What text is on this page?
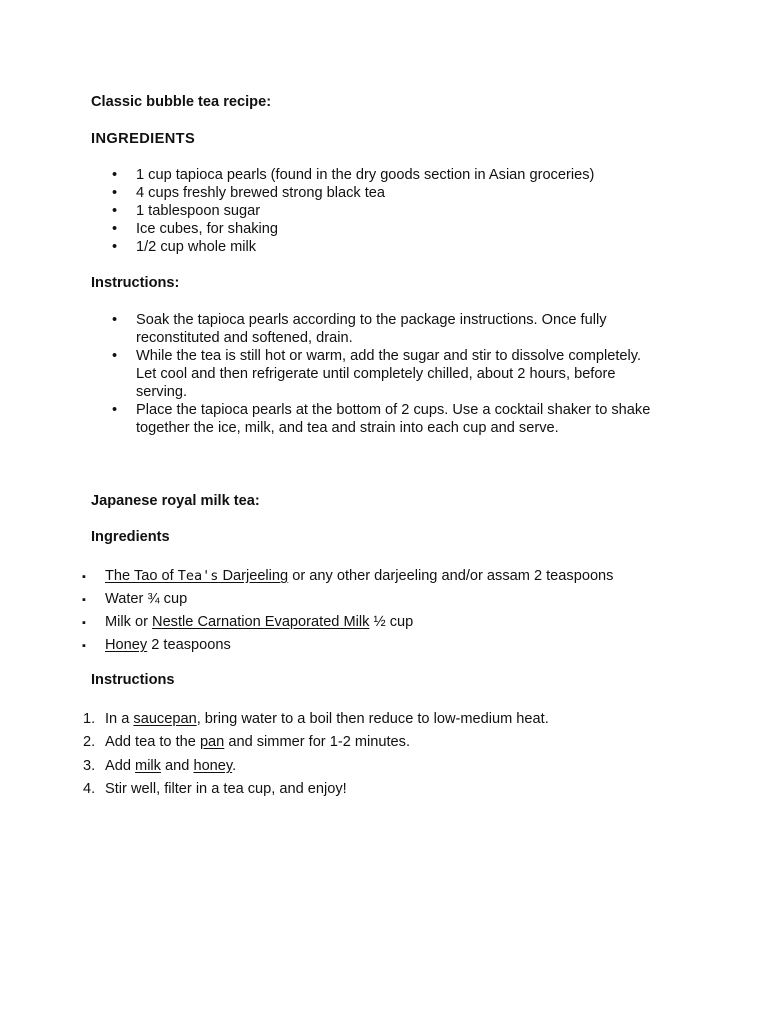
Classic bubble tea recipe:
INGREDIENTS
• 1 cup tapioca pearls (found in the dry goods section in Asian groceries)
• 4 cups freshly brewed strong black tea
• 1 tablespoon sugar
• Ice cubes, for shaking
• 1/2 cup whole milk
Instructions:
• Soak the tapioca pearls according to the package instructions. Once fully
reconstituted and softened, drain.
• While the tea is still hot or warm, add the sugar and stir to dissolve completely.
Let cool and then refrigerate until completely chilled, about 2 hours, before
serving.
• Place the tapioca pearls at the bottom of 2 cups. Use a cocktail shaker to shake
together the ice, milk, and tea and strain into each cup and serve.
Japanese royal milk tea:
Ingredients
▪ The Tao of Tea's Darjeeling or any other darjeeling and/or assam 2 teaspoons
▪ Water ¾ cup
▪ Milk or Nestle Carnation Evaporated Milk ½ cup
▪ Honey 2 teaspoons
Instructions
1. In a saucepan, bring water to a boil then reduce to low-medium heat.
2. Add tea to the pan and simmer for 1-2 minutes.
3. Add milk and honey.
4. Stir well, filter in a tea cup, and enjoy!
